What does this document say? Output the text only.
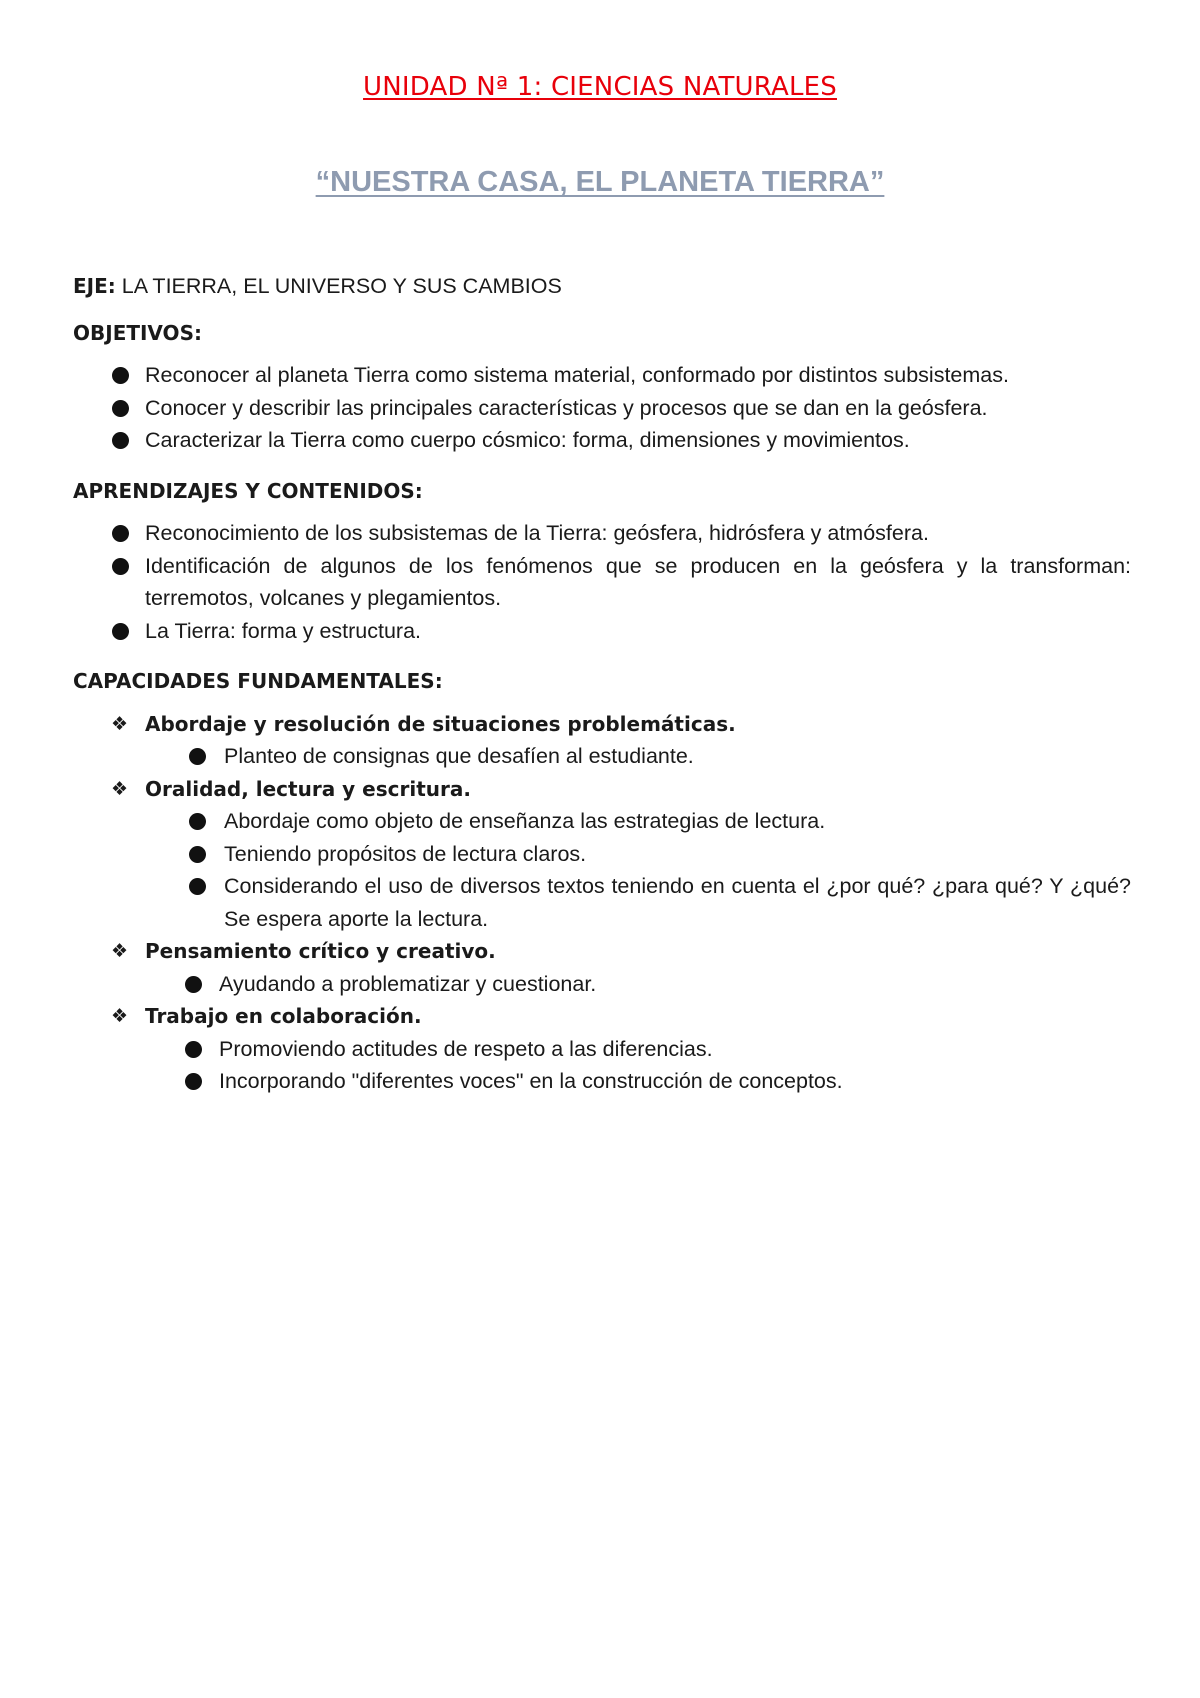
UNIDAD Nª 1: CIENCIAS NATURALES
“NUESTRA CASA, EL PLANETA TIERRA”

EJE: LA TIERRA, EL UNIVERSO Y SUS CAMBIOS

OBJETIVOS:

Reconocer al planeta Tierra como sistema material, conformado por distintos subsistemas.
Conocer y describir las principales características y procesos que se dan en la geósfera.
Caracterizar la Tierra como cuerpo cósmico: forma, dimensiones y movimientos.

APRENDIZAJES Y CONTENIDOS:

Reconocimiento de los subsistemas de la Tierra: geósfera, hidrósfera y atmósfera.
Identificación de algunos de los fenómenos que se producen en la geósfera y la transforman: terremotos, volcanes y plegamientos.
La Tierra: forma y estructura.

CAPACIDADES FUNDAMENTALES:

❖ Abordaje y resolución de situaciones problemáticas.
Planteo de consignas que desafíen al estudiante.
❖ Oralidad, lectura y escritura.
Abordaje como objeto de enseñanza las estrategias de lectura.
Teniendo propósitos de lectura claros.
Considerando el uso de diversos textos teniendo en cuenta el ¿por qué? ¿para qué? Y ¿qué? Se espera aporte la lectura.
❖ Pensamiento crítico y creativo.
Ayudando a problematizar y cuestionar.
❖ Trabajo en colaboración.
Promoviendo actitudes de respeto a las diferencias.
Incorporando "diferentes voces" en la construcción de conceptos.
